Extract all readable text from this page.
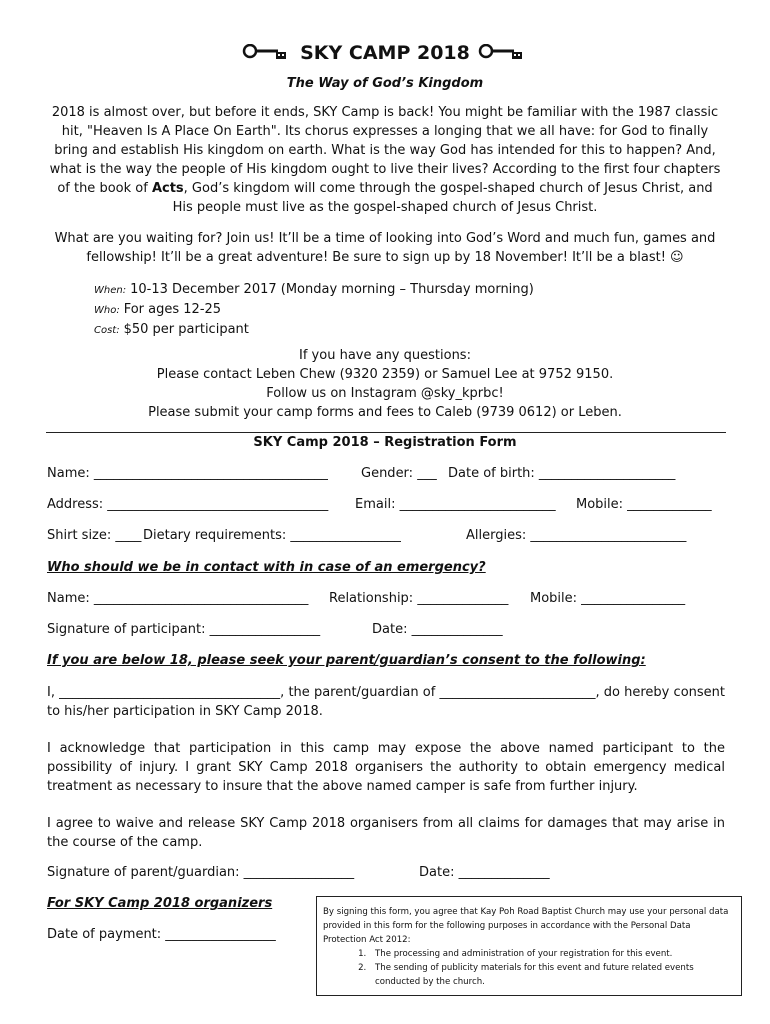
SKY CAMP 2018
The Way of God’s Kingdom
2018 is almost over, but before it ends, SKY Camp is back! You might be familiar with the 1987 classic hit, "Heaven Is A Place On Earth". Its chorus expresses a longing that we all have: for God to finally bring and establish His kingdom on earth. What is the way God has intended for this to happen? And, what is the way the people of His kingdom ought to live their lives? According to the first four chapters of the book of Acts, God’s kingdom will come through the gospel-shaped church of Jesus Christ, and His people must live as the gospel-shaped church of Jesus Christ.
What are you waiting for? Join us! It’ll be a time of looking into God’s Word and much fun, games and fellowship! It’ll be a great adventure! Be sure to sign up by 18 November! It’ll be a blast! ☺
When: 10-13 December 2017 (Monday morning – Thursday morning)
Who: For ages 12-25
Cost: $50 per participant
If you have any questions:
Please contact Leben Chew (9320 2359) or Samuel Lee at 9752 9150.
Follow us on Instagram @sky_kprbc!
Please submit your camp forms and fees to Caleb (9739 0612) or Leben.
SKY Camp 2018 – Registration Form
Name: ____________________________________	Gender: ___ Date of birth: _____________________
Address: __________________________________ Email: ________________________ Mobile: _____________
Shirt size: ____ Dietary requirements: _________________	Allergies: ________________________
Who should we be in contact with in case of an emergency?
Name: _________________________________ Relationship: ______________ Mobile: ________________
Signature of participant: _________________	Date: ______________
If you are below 18, please seek your parent/guardian’s consent to the following:
I, __________________________________, the parent/guardian of ________________________, do hereby consent to his/her participation in SKY Camp 2018.
I acknowledge that participation in this camp may expose the above named participant to the possibility of injury. I grant SKY Camp 2018 organisers the authority to obtain emergency medical treatment as necessary to insure that the above named camper is safe from further injury.
I agree to waive and release SKY Camp 2018 organisers from all claims for damages that may arise in the course of the camp.
Signature of parent/guardian: _________________	Date: ______________
For SKY Camp 2018 organizers
Date of payment: _________________
By signing this form, you agree that Kay Poh Road Baptist Church may use your personal data provided in this form for the following purposes in accordance with the Personal Data Protection Act 2012:
1. The processing and administration of your registration for this event.
2. The sending of publicity materials for this event and future related events conducted by the church.
